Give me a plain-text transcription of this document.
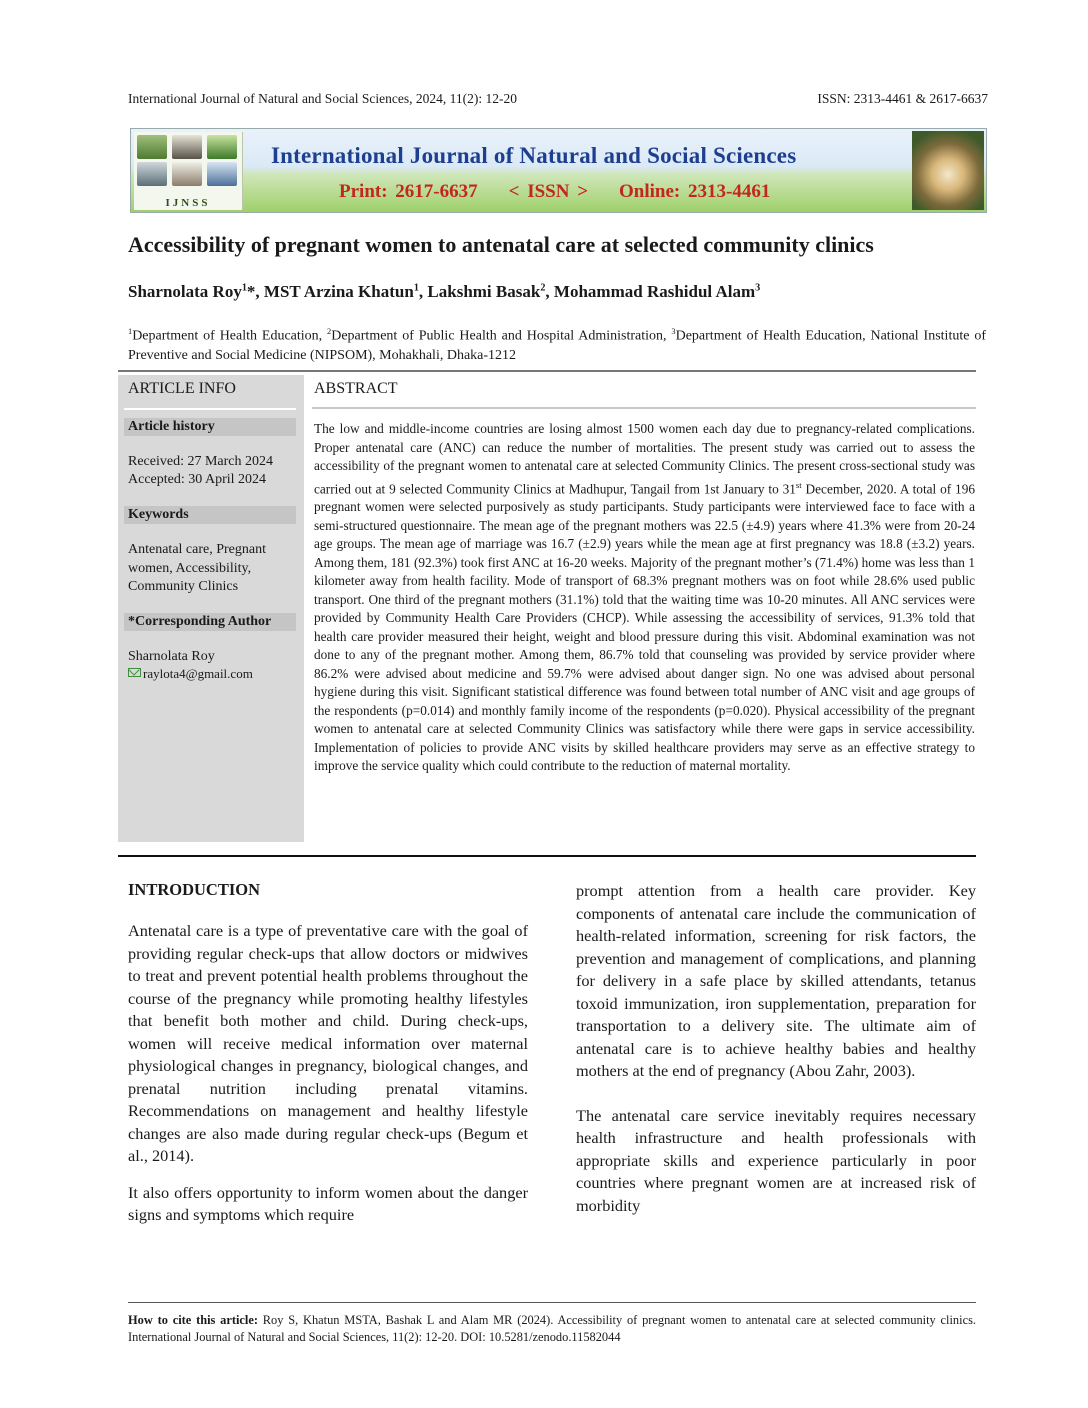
International Journal of Natural and Social Sciences, 2024, 11(2): 12-20	ISSN: 2313-4461 & 2617-6637
IJNSS
International Journal of Natural and Social Sciences
Print: 2617-6637    < ISSN >    Online: 2313-4461
Accessibility of pregnant women to antenatal care at selected community clinics
Sharnolata Roy$^1$*, MST Arzina Khatun$^1$, Lakshmi Basak$^2$, Mohammad Rashidul Alam$^3$
$^1$Department of Health Education, $^2$Department of Public Health and Hospital Administration, $^3$Department of Health Education, National Institute of Preventive and Social Medicine (NIPSOM), Mohakhali, Dhaka-1212
ARTICLE INFO
Article history
Received: 27 March 2024
Accepted: 30 April 2024
Keywords
Antenatal care, Pregnant women, Accessibility, Community Clinics
*Corresponding Author
Sharnolata Roy
raylota4@gmail.com
ABSTRACT
The low and middle-income countries are losing almost 1500 women each day due to pregnancy-related complications. Proper antenatal care (ANC) can reduce the number of mortalities. The present study was carried out to assess the accessibility of the pregnant women to antenatal care at selected Community Clinics. The present cross-sectional study was carried out at 9 selected Community Clinics at Madhupur, Tangail from 1st January to 31st December, 2020. A total of 196 pregnant women were selected purposively as study participants. Study participants were interviewed face to face with a semi-structured questionnaire. The mean age of the pregnant mothers was 22.5 (±4.9) years where 41.3% were from 20-24 age groups. The mean age of marriage was 16.7 (±2.9) years while the mean age at first pregnancy was 18.8 (±3.2) years. Among them, 181 (92.3%) took first ANC at 16-20 weeks. Majority of the pregnant mother’s (71.4%) home was less than 1 kilometer away from health facility. Mode of transport of 68.3% pregnant mothers was on foot while 28.6% used public transport. One third of the pregnant mothers (31.1%) told that the waiting time was 10-20 minutes. All ANC services were provided by Community Health Care Providers (CHCP). While assessing the accessibility of services, 91.3% told that health care provider measured their height, weight and blood pressure during this visit. Abdominal examination was not done to any of the pregnant mother. Among them, 86.7% told that counseling was provided by service provider where 86.2% were advised about medicine and 59.7% were advised about danger sign. No one was advised about personal hygiene during this visit. Significant statistical difference was found between total number of ANC visit and age groups of the respondents (p=0.014) and monthly family income of the respondents (p=0.020). Physical accessibility of the pregnant women to antenatal care at selected Community Clinics was satisfactory while there were gaps in service accessibility. Implementation of policies to provide ANC visits by skilled healthcare providers may serve as an effective strategy to improve the service quality which could contribute to the reduction of maternal mortality.
INTRODUCTION

Antenatal care is a type of preventative care with the goal of providing regular check-ups that allow doctors or midwives to treat and prevent potential health problems throughout the course of the pregnancy while promoting healthy lifestyles that benefit both mother and child. During check-ups, women will receive medical information over maternal physiological changes in pregnancy, biological changes, and prenatal nutrition including prenatal vitamins. Recommendations on management and healthy lifestyle changes are also made during regular check-ups (Begum et al., 2014).

It also offers opportunity to inform women about the danger signs and symptoms which require

prompt attention from a health care provider. Key components of antenatal care include the communication of health-related information, screening for risk factors, the prevention and management of complications, and planning for delivery in a safe place by skilled attendants, tetanus toxoid immunization, iron supplementation, preparation for transportation to a delivery site. The ultimate aim of antenatal care is to achieve healthy babies and healthy mothers at the end of pregnancy (Abou Zahr, 2003).

The antenatal care service inevitably requires necessary health infrastructure and health professionals with appropriate skills and experience particularly in poor countries where pregnant women are at increased risk of morbidity

How to cite this article: Roy S, Khatun MSTA, Bashak L and Alam MR (2024). Accessibility of pregnant women to antenatal care at selected community clinics. International Journal of Natural and Social Sciences, 11(2): 12-20. DOI: 10.5281/zenodo.11582044
